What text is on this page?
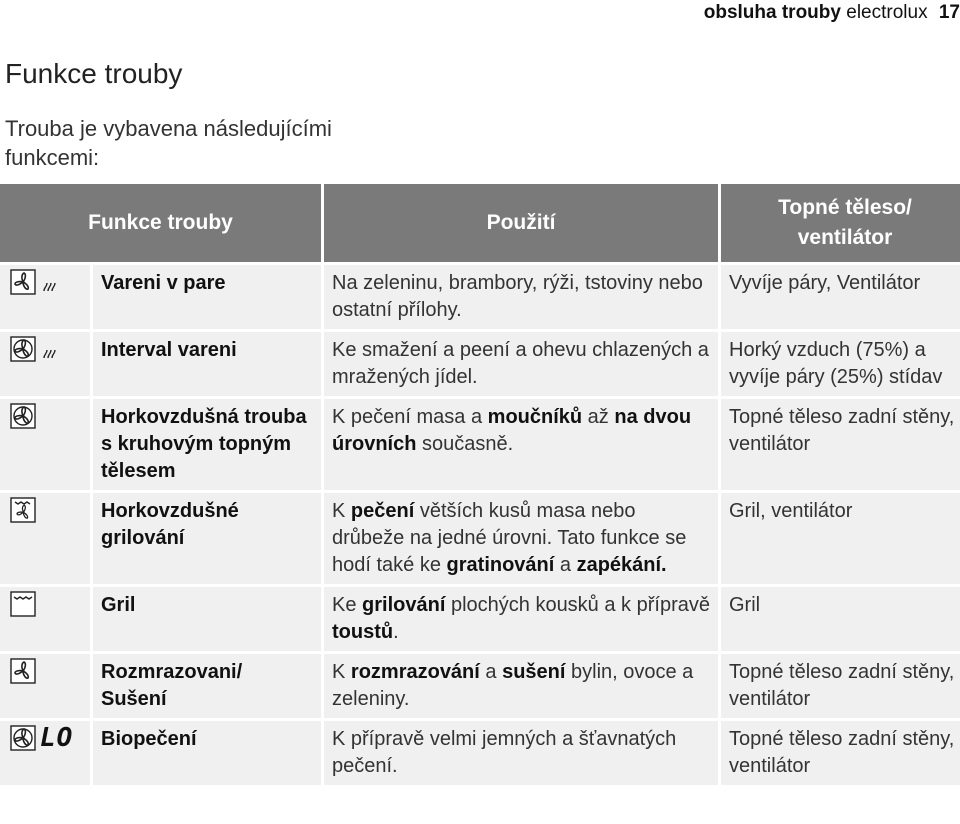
obsluha trouby electrolux 17
Funkce trouby

Trouba je vybavena následujícími funkcemi:

Funkce trouby		Použití	Topné těleso/ ventilátor

	Vareni v pare	Na zeleninu, brambory, rýži, tstoviny nebo ostatní přílohy.	Vyvíje páry, Ventilátor

	Interval vareni	Ke smažení a peení a ohevu chlazených a mražených jídel.	Horký vzduch (75%) a vyvíje páry (25%) stídav

	Horkovzdušná trouba s kruhovým topným tělesem	K pečení masa a moučníků až na dvou úrovních současně.	Topné těleso zadní stěny, ventilátor

	Horkovzdušné grilování	K pečení větších kusů masa nebo drůbeže na jedné úrovni. Tato funkce se hodí také ke gratinování a zapékání.	Gril, ventilátor

	Gril	Ke grilování plochých kousků a k přípravě toustů.	Gril

	Rozmrazovani/ Sušení	K rozmrazování a sušení bylin, ovoce a zeleniny.	Topné těleso zadní stěny, ventilátor

LO	Biopečení	K přípravě velmi jemných a šťavnatých pečení.	Topné těleso zadní stěny, ventilátor
